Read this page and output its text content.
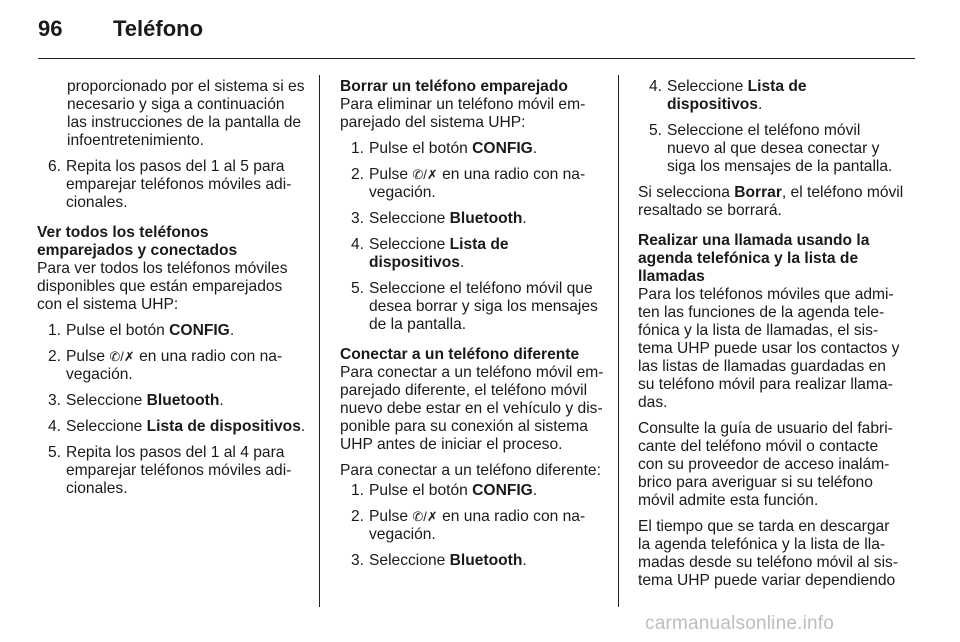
96 Teléfono

proporcionado por el sistema si es necesario y siga a continuación las instrucciones de la pantalla de infoentretenimiento.

6. Repita los pasos del 1 al 5 para emparejar teléfonos móviles adi-cionales.

Ver todos los teléfonos emparejados y conectados

Para ver todos los teléfonos móviles disponibles que están emparejados con el sistema UHP:

1. Pulse el botón CONFIG.
2. Pulse ✆/✗ en una radio con na-vegación.
3. Seleccione Bluetooth.
4. Seleccione Lista de dispositivos.
5. Repita los pasos del 1 al 4 para emparejar teléfonos móviles adi-cionales.

Borrar un teléfono emparejado

Para eliminar un teléfono móvil em-parejado del sistema UHP:

1. Pulse el botón CONFIG.
2. Pulse ✆/✗ en una radio con na-vegación.
3. Seleccione Bluetooth.
4. Seleccione Lista de dispositivos.
5. Seleccione el teléfono móvil que desea borrar y siga los mensajes de la pantalla.

Conectar a un teléfono diferente

Para conectar a un teléfono móvil em-parejado diferente, el teléfono móvil nuevo debe estar en el vehículo y dis-ponible para su conexión al sistema UHP antes de iniciar el proceso.

Para conectar a un teléfono diferente:

1. Pulse el botón CONFIG.
2. Pulse ✆/✗ en una radio con na-vegación.
3. Seleccione Bluetooth.
4. Seleccione Lista de dispositivos.
5. Seleccione el teléfono móvil nuevo al que desea conectar y siga los mensajes de la pantalla.

Si selecciona Borrar, el teléfono móvil resaltado se borrará.

Realizar una llamada usando la agenda telefónica y la lista de llamadas

Para los teléfonos móviles que admi-ten las funciones de la agenda tele-fónica y la lista de llamadas, el sis-tema UHP puede usar los contactos y las listas de llamadas guardadas en su teléfono móvil para realizar llama-das.

Consulte la guía de usuario del fabri-cante del teléfono móvil o contacte con su proveedor de acceso inalám-brico para averiguar si su teléfono móvil admite esta función.

El tiempo que se tarda en descargar la agenda telefónica y la lista de lla-madas desde su teléfono móvil al sis-tema UHP puede variar dependiendo

carmanualsonline.info
